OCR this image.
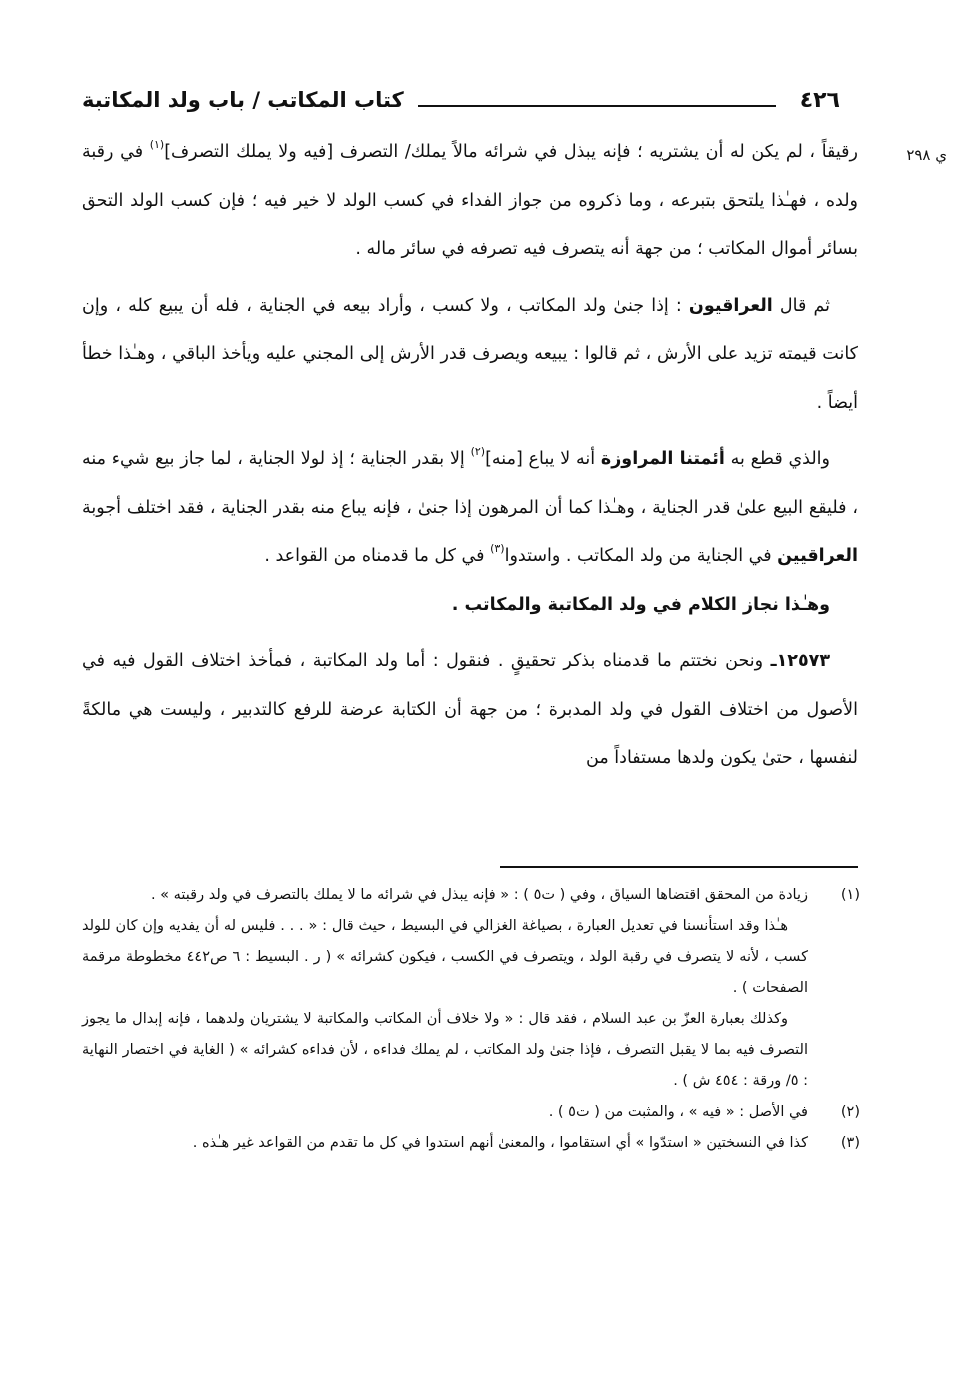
٤٢٦
كتاب المكاتب / باب ولد المكاتبة
ي ٢٩٨

رقيقاً ، لم يكن له أن يشتريه ؛ فإنه يبذل في شرائه مالاً يملك/ التصرف [فيه ولا يملك التصرف]$^{(١)}$ في رقبة ولده ، فهـٰذا يلتحق بتبرعه ، وما ذكروه من جواز الفداء في كسب الولد لا خير فيه ؛ فإن كسب الولد التحق بسائر أموال المكاتب ؛ من جهة أنه يتصرف فيه تصرفه في سائر ماله .

ثم قال العراقيون : إذا جنىٰ ولد المكاتب ، ولا كسب ، وأراد بيعه في الجناية ، فله أن يبيع كله ، وإن كانت قيمته تزيد على الأرش ، ثم قالوا : يبيعه ويصرف قدر الأرش إلى المجني عليه ويأخذ الباقي ، وهـٰذا خطأ أيضاً .

والذي قطع به أئمتنا المراوزة أنه لا يباع [منه]$^{(٢)}$ إلا بقدر الجناية ؛ إذ لولا الجناية ، لما جاز بيع شيء منه ، فليقع البيع علىٰ قدر الجناية ، وهـٰذا كما أن المرهون إذا جنىٰ ، فإنه يباع منه بقدر الجناية ، فقد اختلف أجوبة العراقيين في الجناية من ولد المكاتب . واستدوا$^{(٣)}$ في كل ما قدمناه من القواعد .

وهـٰذا نجاز الكلام في ولد المكاتبة والمكاتب .

١٢٥٧٣ـ ونحن نختتم ما قدمناه بذكر تحقيقٍ . فنقول : أما ولد المكاتبة ، فمأخذ اختلاف القول فيه في الأصول من اختلاف القول في ولد المدبرة ؛ من جهة أن الكتابة عرضة للرفع كالتدبير ، وليست هي مالكةً لنفسها ، حتىٰ يكون ولدها مستفاداً من

(١)

زيادة من المحقق اقتضاها السياق ، وفي ( ت٥ ) : « فإنه يبذل في شرائه ما لا يملك بالتصرف في ولد رقبته » .

هـٰذا وقد استأنسنا في تعديل العبارة ، بصياغة الغزالي في البسيط ، حيث قال : « . . . فليس له أن يفديه وإن كان للولد كسب ، لأنه لا يتصرف في رقبة الولد ، ويتصرف في الكسب ، فيكون كشرائه » ( ر . البسيط : ٦ ص٤٤٢ مخطوطة مرقمة الصفحات ) .

وكذلك بعبارة العزّ بن عبد السلام ، فقد قال : « ولا خلاف أن المكاتب والمكاتبة لا يشتريان ولدهما ، فإنه إبدال ما يجوز التصرف فيه بما لا يقبل التصرف ، فإذا جنىٰ ولد المكاتب ، لم يملك فداءه ، لأن فداءه كشرائه » ( الغاية في اختصار النهاية : ٥/ ورقة : ٤٥٤ ش ) .

(٢)

في الأصل : « فيه » ، والمثبت من ( ت٥ ) .

(٣)

كذا في النسختين « استدّوا » أي استقاموا ، والمعنىٰ أنهم استدوا في كل ما تقدم من القواعد غير هـٰذه .
